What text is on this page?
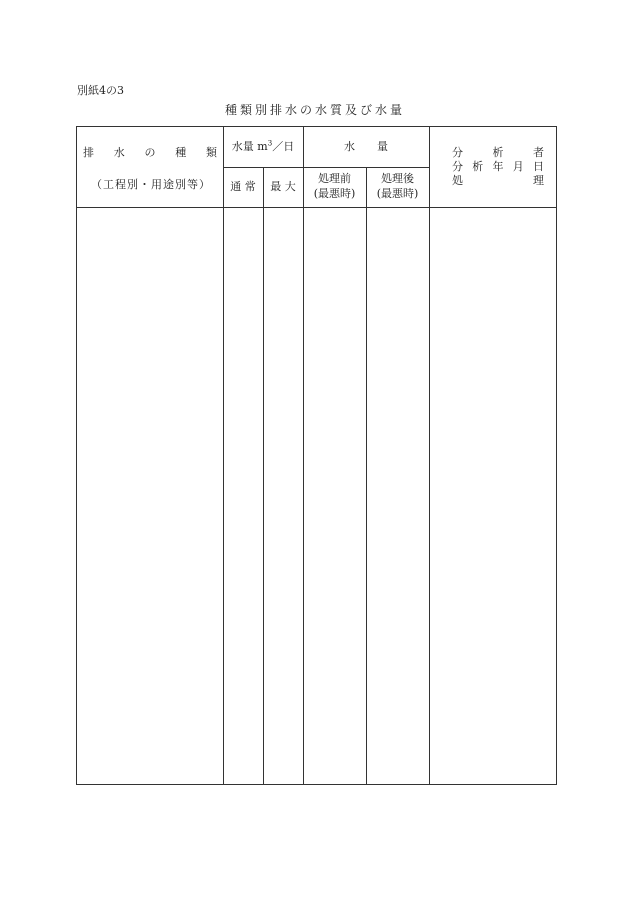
別紙4の3
種類別排水の水質及び水量
排　水　の　種　類
（工程別・用途別等）
水量 $m^3/$日
通 常	最 大
水　　量
処理前
(最悪時)
処理後
(最悪時)
分　析　者
分 析 年 月 日
処　　　理
